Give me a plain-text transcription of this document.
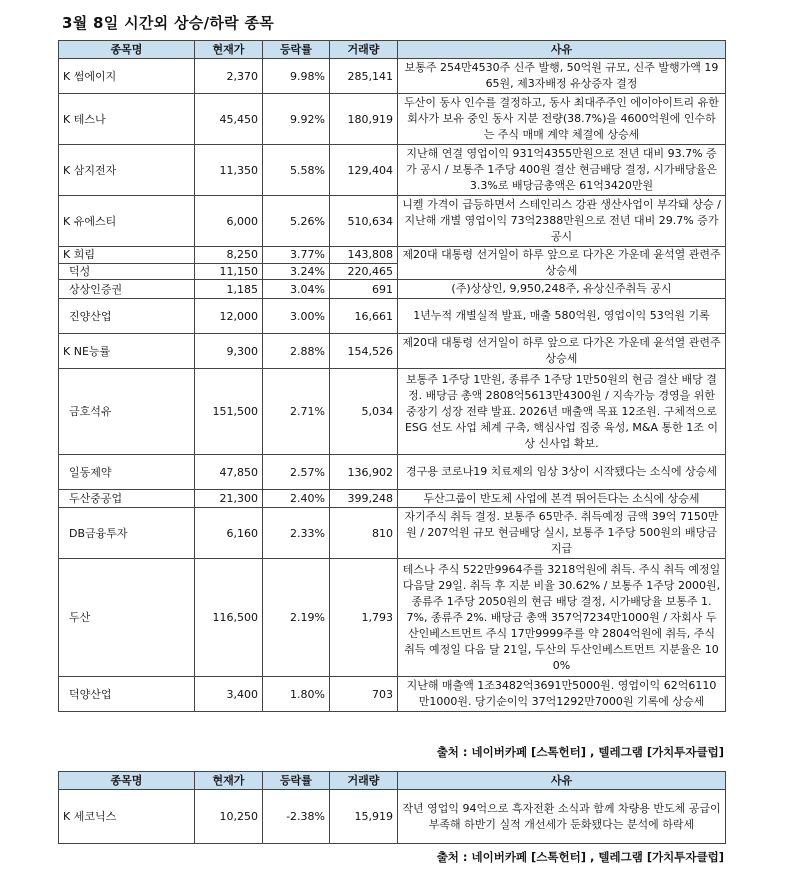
3월 8일 시간외 상승/하락 종목
종목명	현재가	등락률	거래량	사유
K 썸에이지	2,370	9.98%	285,141	보통주 254만4530주 신주 발행, 50억원 규모, 신주 발행가액 1965원, 제3자배정 유상증자 결정
K 테스나	45,450	9.92%	180,919	두산이 동사 인수를 결정하고, 동사 최대주주인 에이아이트리 유한회사가 보유 중인 동사 지분 전량(38.7%)을 4600억원에 인수하는 주식 매매 계약 체결에 상승세
K 삼지전자	11,350	5.58%	129,404	지난해 연결 영업이익 931억4355만원으로 전년 대비 93.7% 증가 공시 / 보통주 1주당 400원 결산 현금배당 결정, 시가배당율은 3.3%로 배당금총액은 61억3420만원
K 유에스티	6,000	5.26%	510,634	니켈 가격이 급등하면서 스테인리스 강관 생산사업이 부각돼 상승 / 지난해 개별 영업이익 73억2388만원으로 전년 대비 29.7% 증가 공시
K 희림	8,250	3.77%	143,808	제20대 대통령 선거일이 하루 앞으로 다가온 가운데 윤석열 관련주 상승세
덕성	11,150	3.24%	220,465	
상상인증권	1,185	3.04%	691	(주)상상인, 9,950,248주, 유상신주취득 공시
진양산업	12,000	3.00%	16,661	1년누적 개별실적 발표, 매출 580억원, 영업이익 53억원 기록
K NE능률	9,300	2.88%	154,526	제20대 대통령 선거일이 하루 앞으로 다가온 가운데 윤석열 관련주 상승세
금호석유	151,500	2.71%	5,034	보통주 1주당 1만원, 종류주 1주당 1만50원의 현금 결산 배당 결정. 배당금 총액 2808억5613만4300원 / 지속가능 경영을 위한 중장기 성장 전략 발표. 2026년 매출액 목표 12조원. 구체적으로 ESG 선도 사업 체계 구축, 핵심사업 집중 육성, M&A 통한 1조 이상 신사업 확보.
일동제약	47,850	2.57%	136,902	경구용 코로나19 치료제의 임상 3상이 시작됐다는 소식에 상승세
두산중공업	21,300	2.40%	399,248	두산그룹이 반도체 사업에 본격 뛰어든다는 소식에 상승세
DB금융투자	6,160	2.33%	810	자기주식 취득 결정. 보통주 65만주. 취득예정 금액 39억 7150만원 / 207억원 규모 현금배당 실시, 보통주 1주당 500원의 배당금 지급
두산	116,500	2.19%	1,793	테스나 주식 522만9964주를 3218억원에 취득. 주식 취득 예정일 다음달 29일. 취득 후 지분 비율 30.62% / 보통주 1주당 2000원, 종류주 1주당 2050원의 현금 배당 결정, 시가배당율 보통주 1.7%, 종류주 2%. 배당금 총액 357억7234만1000원 / 자회사 두산인베스트먼트 주식 17만9999주를 약 2804억원에 취득, 주식 취득 예정일 다음 달 21일, 두산의 두산인베스트먼트 지분율은 100%
덕양산업	3,400	1.80%	703	지난해 매출액 1조3482억3691만5000원. 영업이익 62억6110만1000원. 당기순이익 37억1292만7000원 기록에 상승세
출처 : 네이버카페 [스톡헌터] , 텔레그램 [가치투자클럽]
종목명	현재가	등락률	거래량	사유
K 세코닉스	10,250	-2.38%	15,919	작년 영업익 94억으로 흑자전환 소식과 함께 차량용 반도체 공급이 부족해 하반기 실적 개선세가 둔화됐다는 분석에 하락세
출처 : 네이버카페 [스톡헌터] , 텔레그램 [가치투자클럽]
